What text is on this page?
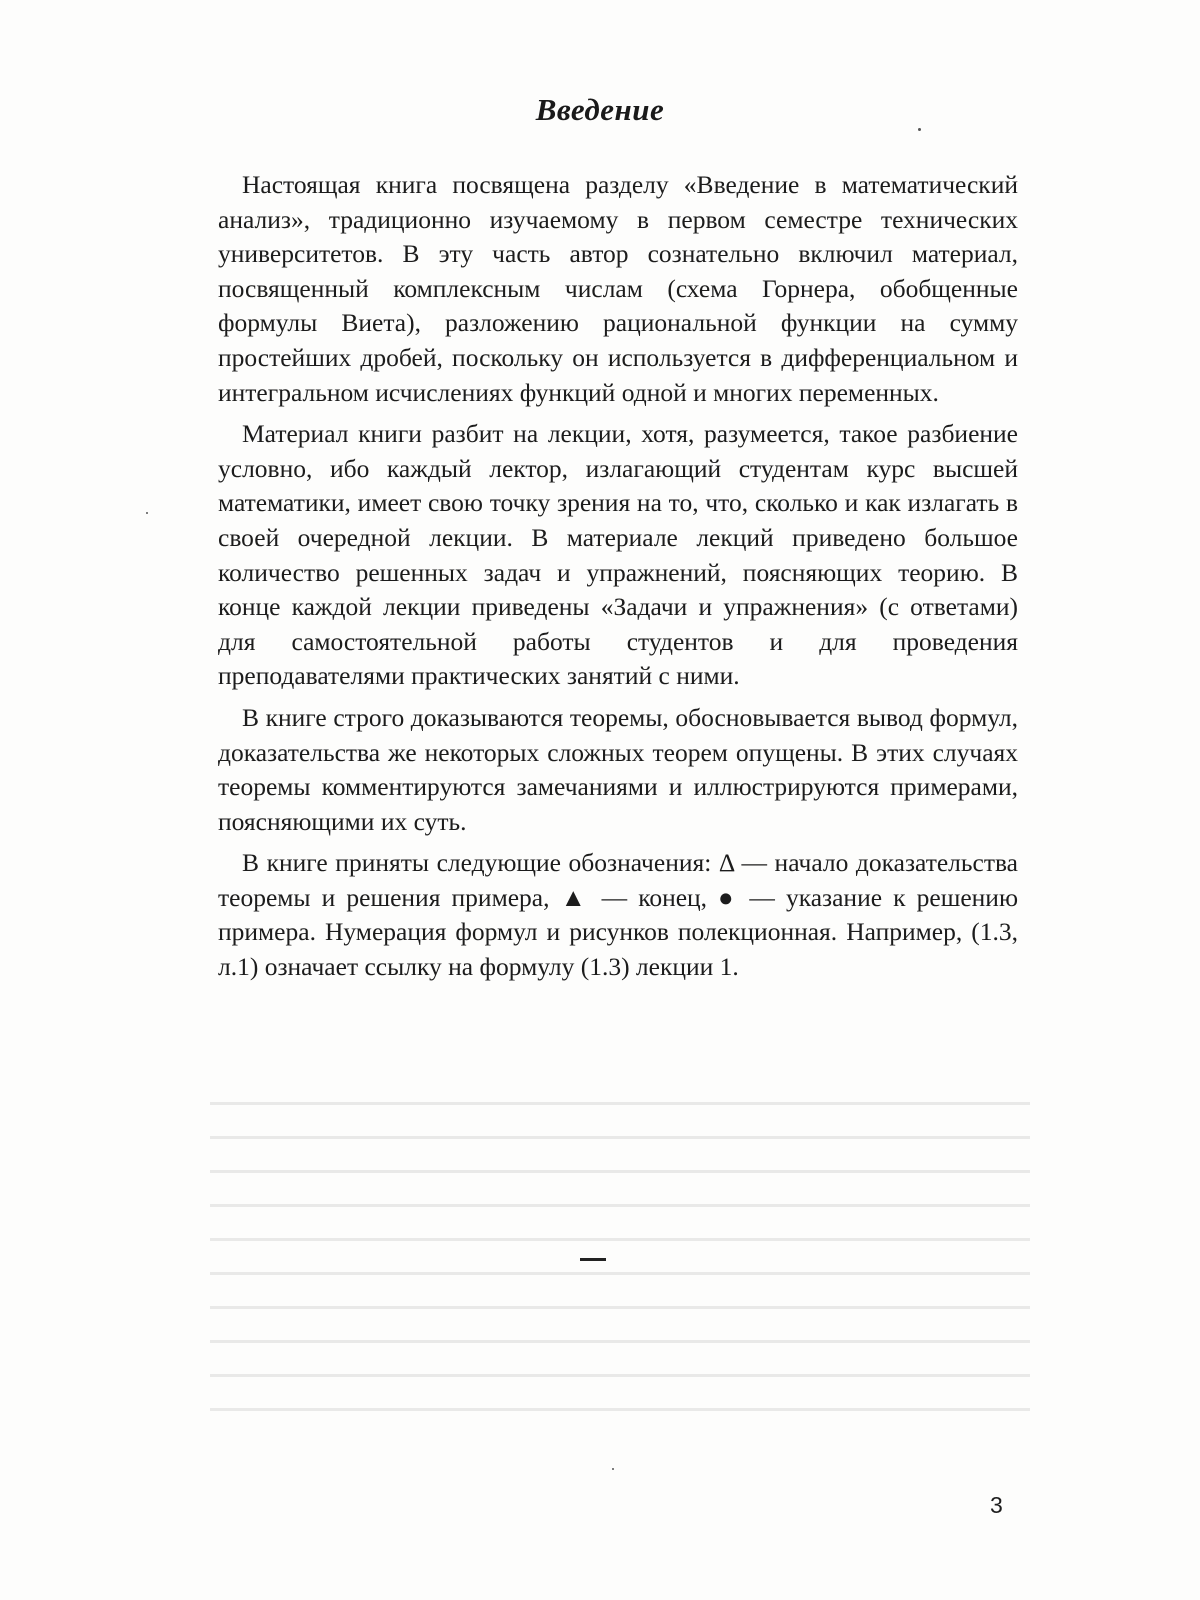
Введение

Настоящая книга посвящена разделу «Введение в математический анализ», традиционно изучаемому в первом семестре технических университетов. В эту часть автор сознательно включил материал, посвященный комплексным числам (схема Горнера, обобщенные формулы Виета), разложению рациональной функции на сумму простейших дробей, поскольку он используется в дифференциальном и интегральном исчислениях функций одной и многих переменных.

Материал книги разбит на лекции, хотя, разумеется, такое разбиение условно, ибо каждый лектор, излагающий студентам курс высшей математики, имеет свою точку зрения на то, что, сколько и как излагать в своей очередной лекции. В материале лекций приведено большое количество решенных задач и упражнений, поясняющих теорию. В конце каждой лекции приведены «Задачи и упражнения» (с ответами) для самостоятельной работы студентов и для проведения преподавателями практических занятий с ними.

В книге строго доказываются теоремы, обосновывается вывод формул, доказательства же некоторых сложных теорем опущены. В этих случаях теоремы комментируются замечаниями и иллюстрируются примерами, поясняющими их суть.

В книге приняты следующие обозначения: Δ — начало доказательства теоремы и решения примера, ▲ — конец, ● — указание к решению примера. Нумерация формул и рисунков полекционная. Например, (1.3, л.1) означает ссылку на формулу (1.3) лекции 1.

3
